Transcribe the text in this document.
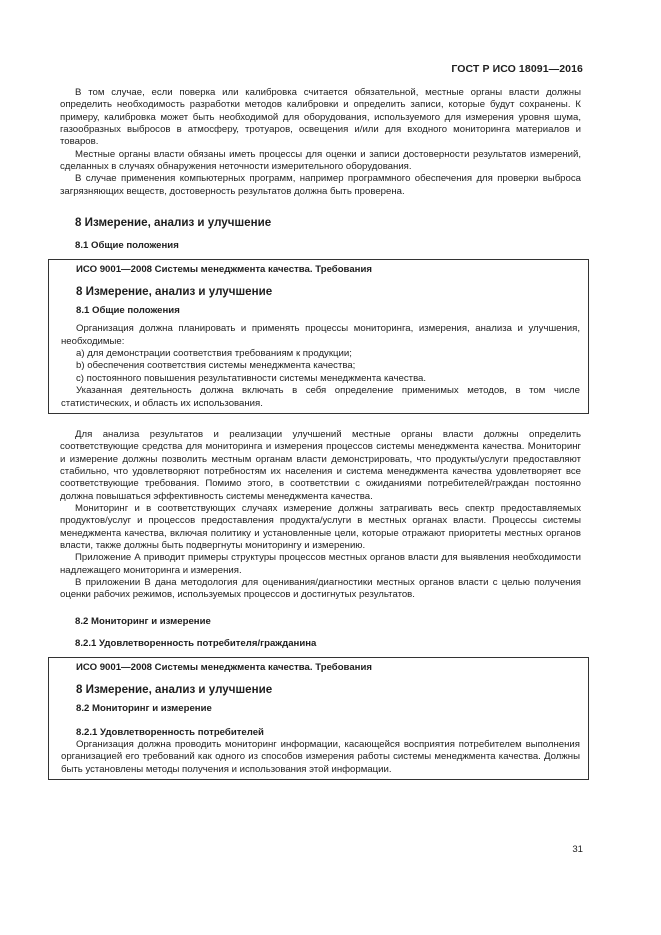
ГОСТ Р ИСО 18091—2016

В том случае, если поверка или калибровка считается обязательной, местные органы власти должны определить необходимость разработки методов калибровки и определить записи, которые будут сохранены. К примеру, калибровка может быть необходимой для оборудования, используемого для измерения уровня шума, газообразных выбросов в атмосферу, тротуаров, освещения и/или для входного мониторинга материалов и товаров.

Местные органы власти обязаны иметь процессы для оценки и записи достоверности результатов измерений, сделанных в случаях обнаружения неточности измерительного оборудования.

В случае применения компьютерных программ, например программного обеспечения для проверки выброса загрязняющих веществ, достоверность результатов должна быть проверена.

8 Измерение, анализ и улучшение
8.1 Общие положения
ИСО 9001—2008 Системы менеджмента качества. Требования
8 Измерение, анализ и улучшение
8.1 Общие положения

Организация должна планировать и применять процессы мониторинга, измерения, анализа и улучшения, необходимые:

а) для демонстрации соответствия требованиям к продукции;

b) обеспечения соответствия системы менеджмента качества;

c) постоянного повышения результативности системы менеджмента качества.

Указанная деятельность должна включать в себя определение применимых методов, в том числе статистических, и область их использования.

Для анализа результатов и реализации улучшений местные органы власти должны определить соответствующие средства для мониторинга и измерения процессов системы менеджмента качества. Мониторинг и измерение должны позволить местным органам власти демонстрировать, что продукты/услуги предоставляют стабильно, что удовлетворяют потребностям их населения и система менеджмента качества удовлетворяет все соответствующие требования. Помимо этого, в соответствии с ожиданиями потребителей/граждан постоянно должна повышаться эффективность системы менеджмента качества.

Мониторинг и в соответствующих случаях измерение должны затрагивать весь спектр предоставляемых продуктов/услуг и процессов предоставления продукта/услуги в местных органах власти. Процессы системы менеджмента качества, включая политику и установленные цели, которые отражают приоритеты местных органов власти, также должны быть подвергнуты мониторингу и измерению.

Приложение А приводит примеры структуры процессов местных органов власти для выявления необходимости надлежащего мониторинга и измерения.

В приложении В дана методология для оценивания/диагностики местных органов власти с целью получения оценки рабочих режимов, используемых процессов и достигнутых результатов.

8.2 Мониторинг и измерение
8.2.1 Удовлетворенность потребителя/гражданина
ИСО 9001—2008 Системы менеджмента качества. Требования
8 Измерение, анализ и улучшение
8.2 Мониторинг и измерение
8.2.1 Удовлетворенность потребителей

Организация должна проводить мониторинг информации, касающейся восприятия потребителем выполнения организацией его требований как одного из способов измерения работы системы менеджмента качества. Должны быть установлены методы получения и использования этой информации.

31
